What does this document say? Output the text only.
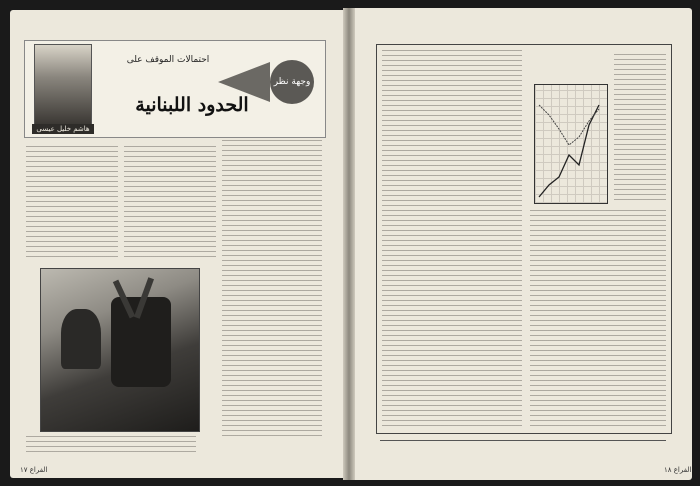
هاشم خليل عيسى
احتمالات الموقف على
الحدود اللبنانية
وجهة نظر
الفراع ١٧	الفراع ١٨
